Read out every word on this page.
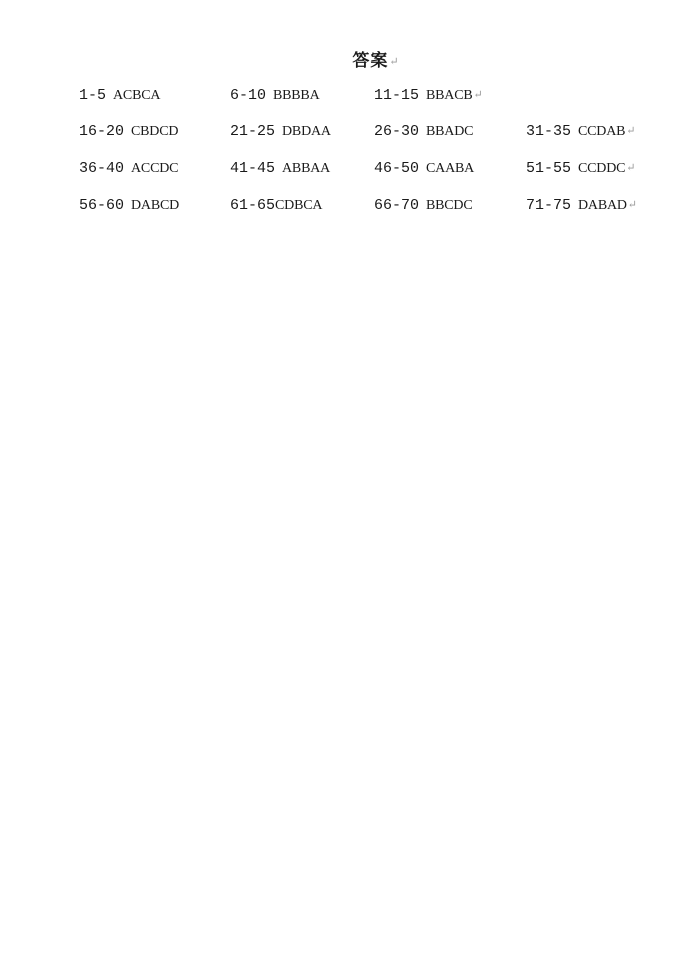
答案↵
1-5 ACBCA	6-10 BBBBA	11-15 BBACB↵
16-20 CBDCD	21-25 DBDAA	26-30 BBADC	31-35 CCDAB↵
36-40 ACCDC	41-45 ABBAA	46-50 CAABA	51-55 CCDDC↵
56-60 DABCD	61-65CDBCA	66-70 BBCDC	71-75 DABAD↵
